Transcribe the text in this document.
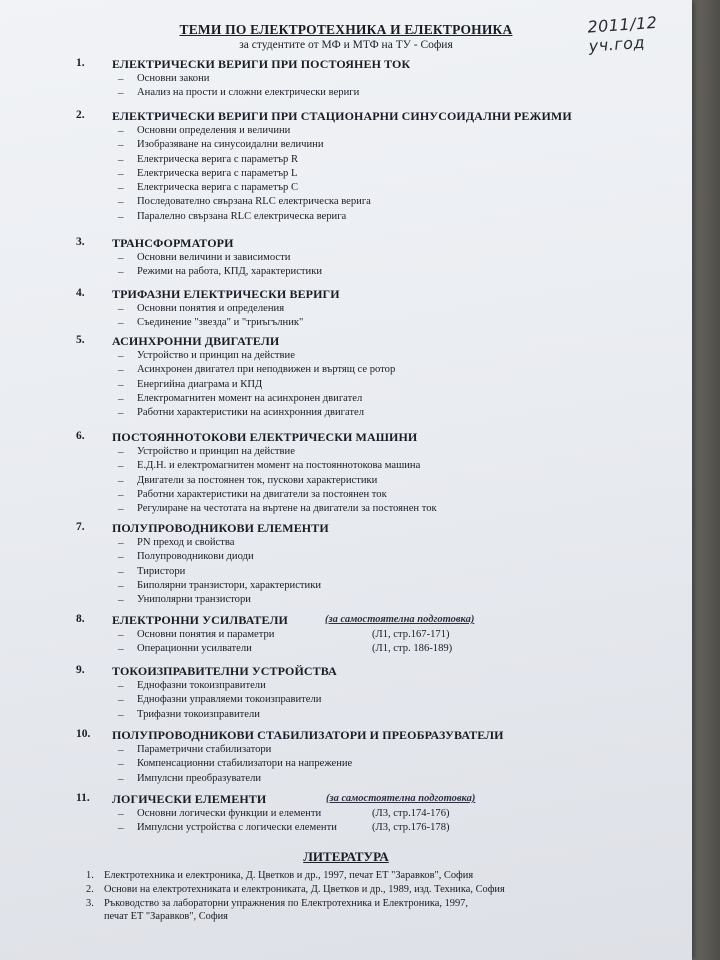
2011/12 уч.год
ТЕМИ ПО ЕЛЕКТРОТЕХНИКА И ЕЛЕКТРОНИКА
за студентите от МФ и МТФ на ТУ - София
1. ЕЛЕКТРИЧЕСКИ ВЕРИГИ ПРИ ПОСТОЯНЕН ТОК
– Основни закони
– Анализ на прости и сложни електрически вериги
2. ЕЛЕКТРИЧЕСКИ ВЕРИГИ ПРИ СТАЦИОНАРНИ СИНУСОИДАЛНИ РЕЖИМИ
– Основни определения и величини
– Изобразяване на синусоидални величини
– Електрическа верига с параметър R
– Електрическа верига с параметър L
– Електрическа верига с параметър C
– Последователно свързана RLC електрическа верига
– Паралелно свързана RLC електрическа верига
3. ТРАНСФОРМАТОРИ
– Основни величини и зависимости
– Режими на работа, КПД, характеристики
4. ТРИФАЗНИ ЕЛЕКТРИЧЕСКИ ВЕРИГИ
– Основни понятия и определения
– Съединение "звезда" и "триъгълник"
5. АСИНХРОННИ ДВИГАТЕЛИ
– Устройство и принцип на действие
– Асинхронен двигател при неподвижен и въртящ се ротор
– Енергийна диаграма и КПД
– Електромагнитен момент на асинхронен двигател
– Работни характеристики на асинхронния двигател
6. ПОСТОЯННОТОКОВИ ЕЛЕКТРИЧЕСКИ МАШИНИ
– Устройство и принцип на действие
– Е.Д.Н. и електромагнитен момент на постояннотокова машина
– Двигатели за постоянен ток, пускови характеристики
– Работни характеристики на двигатели за постоянен ток
– Регулиране на честотата на въртене на двигатели за постоянен ток
7. ПОЛУПРОВОДНИКОВИ ЕЛЕМЕНТИ
– PN преход и свойства
– Полупроводникови диоди
– Тиристори
– Биполярни транзистори, характеристики
– Униполярни транзистори
8. ЕЛЕКТРОННИ УСИЛВАТЕЛИ	(за самостоятелна подготовка)
– Основни понятия и параметри	(Л1, стр.167-171)
– Операционни усилватели	(Л1, стр. 186-189)
9. ТОКОИЗПРАВИТЕЛНИ УСТРОЙСТВА
– Еднофазни токоизправители
– Еднофазни управляеми токоизправители
– Трифазни токоизправители
10. ПОЛУПРОВОДНИКОВИ СТАБИЛИЗАТОРИ И ПРЕОБРАЗУВАТЕЛИ
– Параметрични стабилизатори
– Компенсационни стабилизатори на напрежение
– Импулсни преобразуватели
11. ЛОГИЧЕСКИ ЕЛЕМЕНТИ	(за самостоятелна подготовка)
– Основни логически функции и елементи	(Л3, стр.174-176)
– Импулсни устройства с логически елементи	(Л3, стр.176-178)
ЛИТЕРАТУРА
1. Електротехника и електроника, Д. Цветков и др., 1997, печат ЕТ "Заравков", София
2. Основи на електротехниката и електрониката, Д. Цветков и др., 1989, изд. Техника, София
3. Ръководство за лабораторни упражнения по Електротехника и Електроника, 1997,
печат ЕТ "Заравков", София
